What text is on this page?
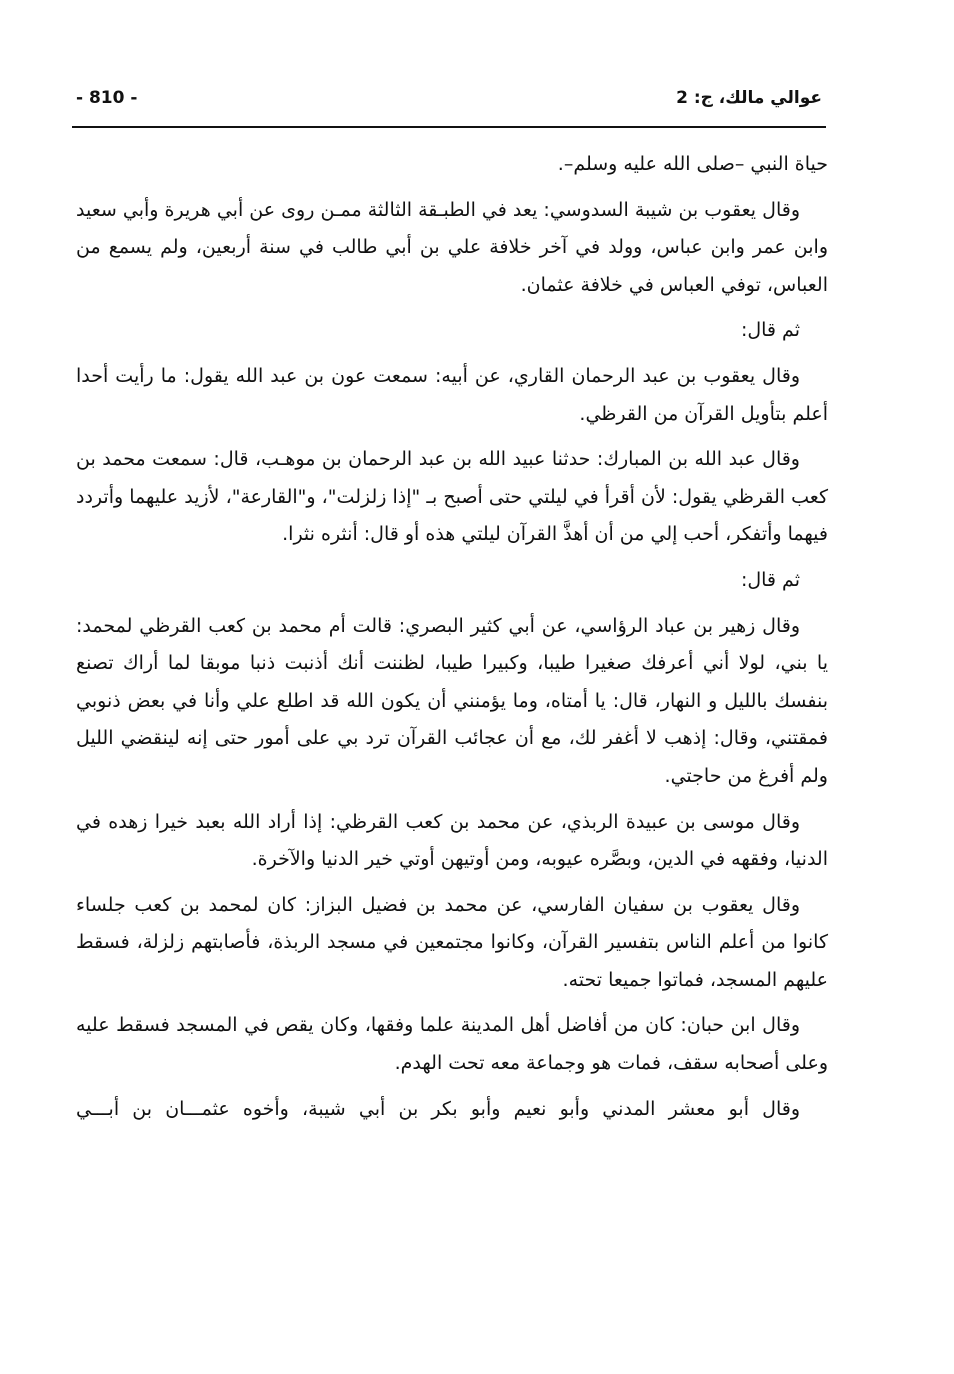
عوالي مالك، ج: 2
- 810 -

حياة النبي –صلى الله عليه وسلم–.

وقال يعقوب بن شيبة السدوسي: يعد في الطبـقة الثالثة ممـن روى عن أبي هريرة وأبي سعيد وابن عمر وابن عباس، وولد في آخر خلافة علي بن أبي طالب في سنة أربعين، ولم يسمع من العباس، توفي العباس في خلافة عثمان.

ثم قال:

وقال يعقوب بن عبد الرحمان القاري، عن أبيه: سمعت عون بن عبد الله يقول: ما رأيت أحدا أعلم بتأويل القرآن من القرظي.

وقال عبد الله بن المبارك: حدثنا عبيد الله بن عبد الرحمان بن موهـب، قال: سمعت محمد بن كعب القرظي يقول: لأن أقرأ في ليلتي حتى أصبح بـ "إذا زلزلت"، و"القارعة"، لأزيد عليهما وأتردد فيهما وأتفكر، أحب إلي من أن أهذَّ القرآن ليلتي هذه أو قال: أنثره نثرا.

ثم قال:

وقال زهير بن عباد الرؤاسي، عن أبي كثير البصري: قالت أم محمد بن كعب القرظي لمحمد: يا بني، لولا أني أعرفك صغيرا طيبا، وكبيرا طيبا، لظننت أنك أذنبت ذنبا موبقا لما أراك تصنع بنفسك بالليل و النهار، قال: يا أمتاه، وما يؤمنني أن يكون الله قد اطلع علي وأنا في بعض ذنوبي فمقتني، وقال: إذهب لا أغفر لك، مع أن عجائب القرآن ترد بي على أمور حتى إنه لينقضي الليل ولم أفرغ من حاجتي.

وقال موسى بن عبيدة الربذي، عن محمد بن كعب القرظي: إذا أراد الله بعبد خيرا زهده في الدنيا، وفقهه في الدين، وبصَّره عيوبه، ومن أوتيهن أوتي خير الدنيا والآخرة.

وقال يعقوب بن سفيان الفارسي، عن محمد بن فضيل البزاز: كان لمحمد بن كعب جلساء كانوا من أعلم الناس بتفسير القرآن، وكانوا مجتمعين في مسجد الربذة، فأصابتهم زلزلة، فسقط عليهم المسجد، فماتوا جميعا تحته.

وقال ابن حبان: كان من أفاضل أهل المدينة علما وفقها، وكان يقص في المسجد فسقط عليه وعلى أصحابه سقف، فمات هو وجماعة معه تحت الهدم.

وقال أبو معشر المدني وأبو نعيم وأبو بكر بن أبي شيبة، وأخوه عثمـــان بن أبـــي
